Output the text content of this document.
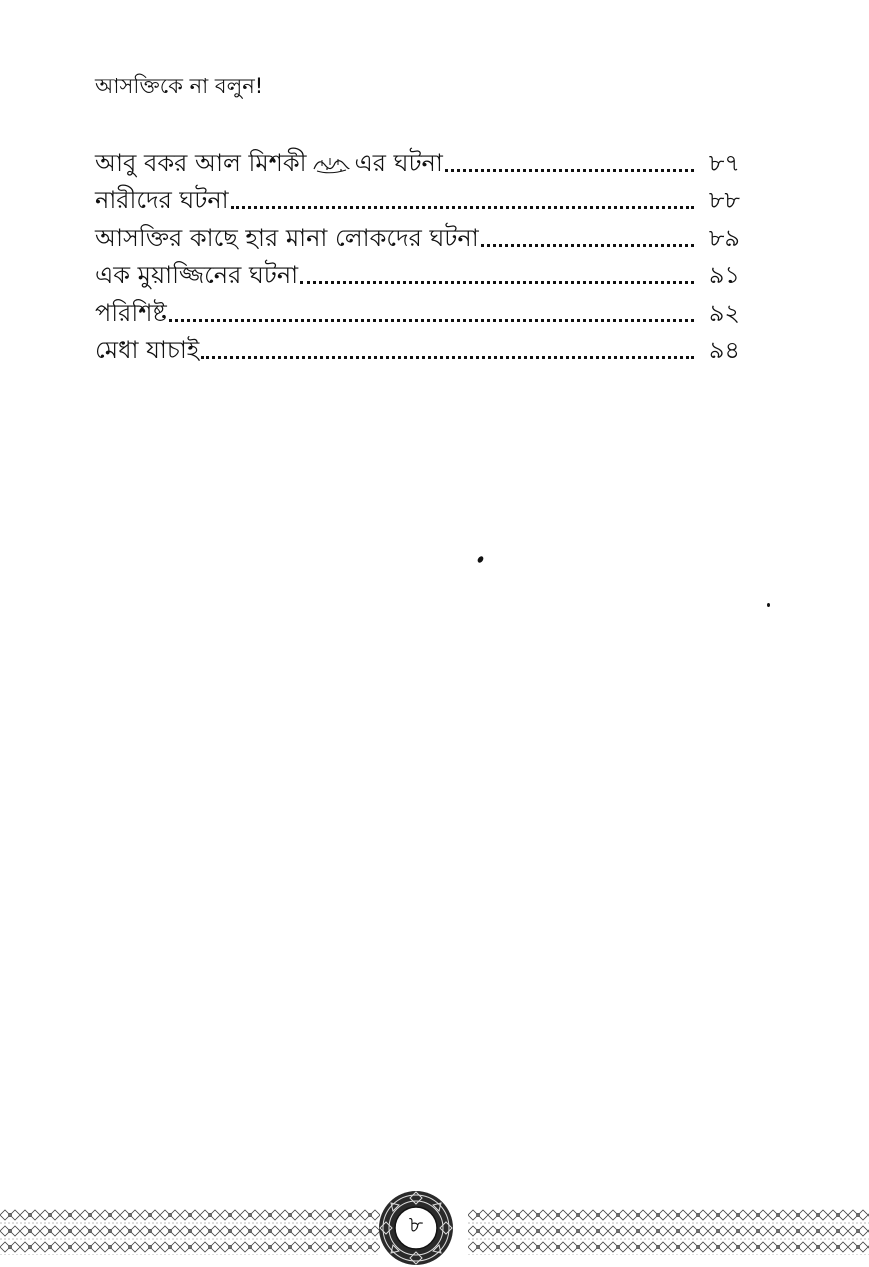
আসক্তিকে না বলুন!
আবু বকর আল মিশকী এর ঘটনা	৮৭
নারীদের ঘটনা	৮৮
আসক্তির কাছে হার মানা লোকদের ঘটনা	৮৯
এক মুয়াজ্জিনের ঘটনা	৯১
পরিশিষ্ট	৯২
মেধা যাচাই	৯৪
৮
